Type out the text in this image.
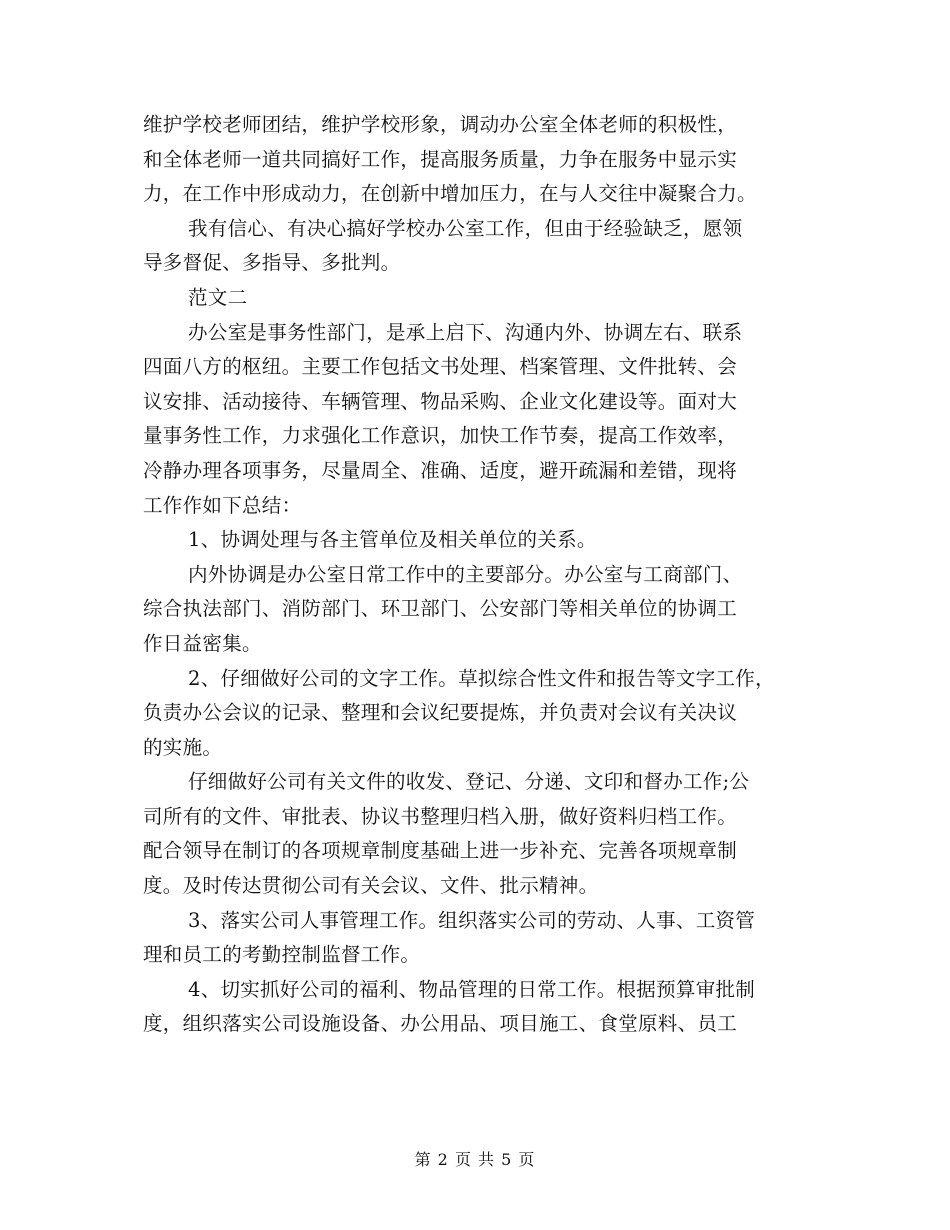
维护学校老师团结，维护学校形象，调动办公室全体老师的积极性，
和全体老师一道共同搞好工作，提高服务质量，力争在服务中显示实
力，在工作中形成动力，在创新中增加压力，在与人交往中凝聚合力。
我有信心、有决心搞好学校办公室工作，但由于经验缺乏，愿领
导多督促、多指导、多批判。
范文二
办公室是事务性部门，是承上启下、沟通内外、协调左右、联系
四面八方的枢纽。主要工作包括文书处理、档案管理、文件批转、会
议安排、活动接待、车辆管理、物品采购、企业文化建设等。面对大
量事务性工作，力求强化工作意识，加快工作节奏，提高工作效率，
冷静办理各项事务，尽量周全、准确、适度，避开疏漏和差错，现将
工作作如下总结：
1、协调处理与各主管单位及相关单位的关系。
内外协调是办公室日常工作中的主要部分。办公室与工商部门、
综合执法部门、消防部门、环卫部门、公安部门等相关单位的协调工
作日益密集。
2、仔细做好公司的文字工作。草拟综合性文件和报告等文字工作，
负责办公会议的记录、整理和会议纪要提炼，并负责对会议有关决议
的实施。
仔细做好公司有关文件的收发、登记、分递、文印和督办工作;公
司所有的文件、审批表、协议书整理归档入册，做好资料归档工作。
配合领导在制订的各项规章制度基础上进一步补充、完善各项规章制
度。及时传达贯彻公司有关会议、文件、批示精神。
3、落实公司人事管理工作。组织落实公司的劳动、人事、工资管
理和员工的考勤控制监督工作。
4、切实抓好公司的福利、物品管理的日常工作。根据预算审批制
度，组织落实公司设施设备、办公用品、项目施工、食堂原料、员工
第 2 页 共 5 页
